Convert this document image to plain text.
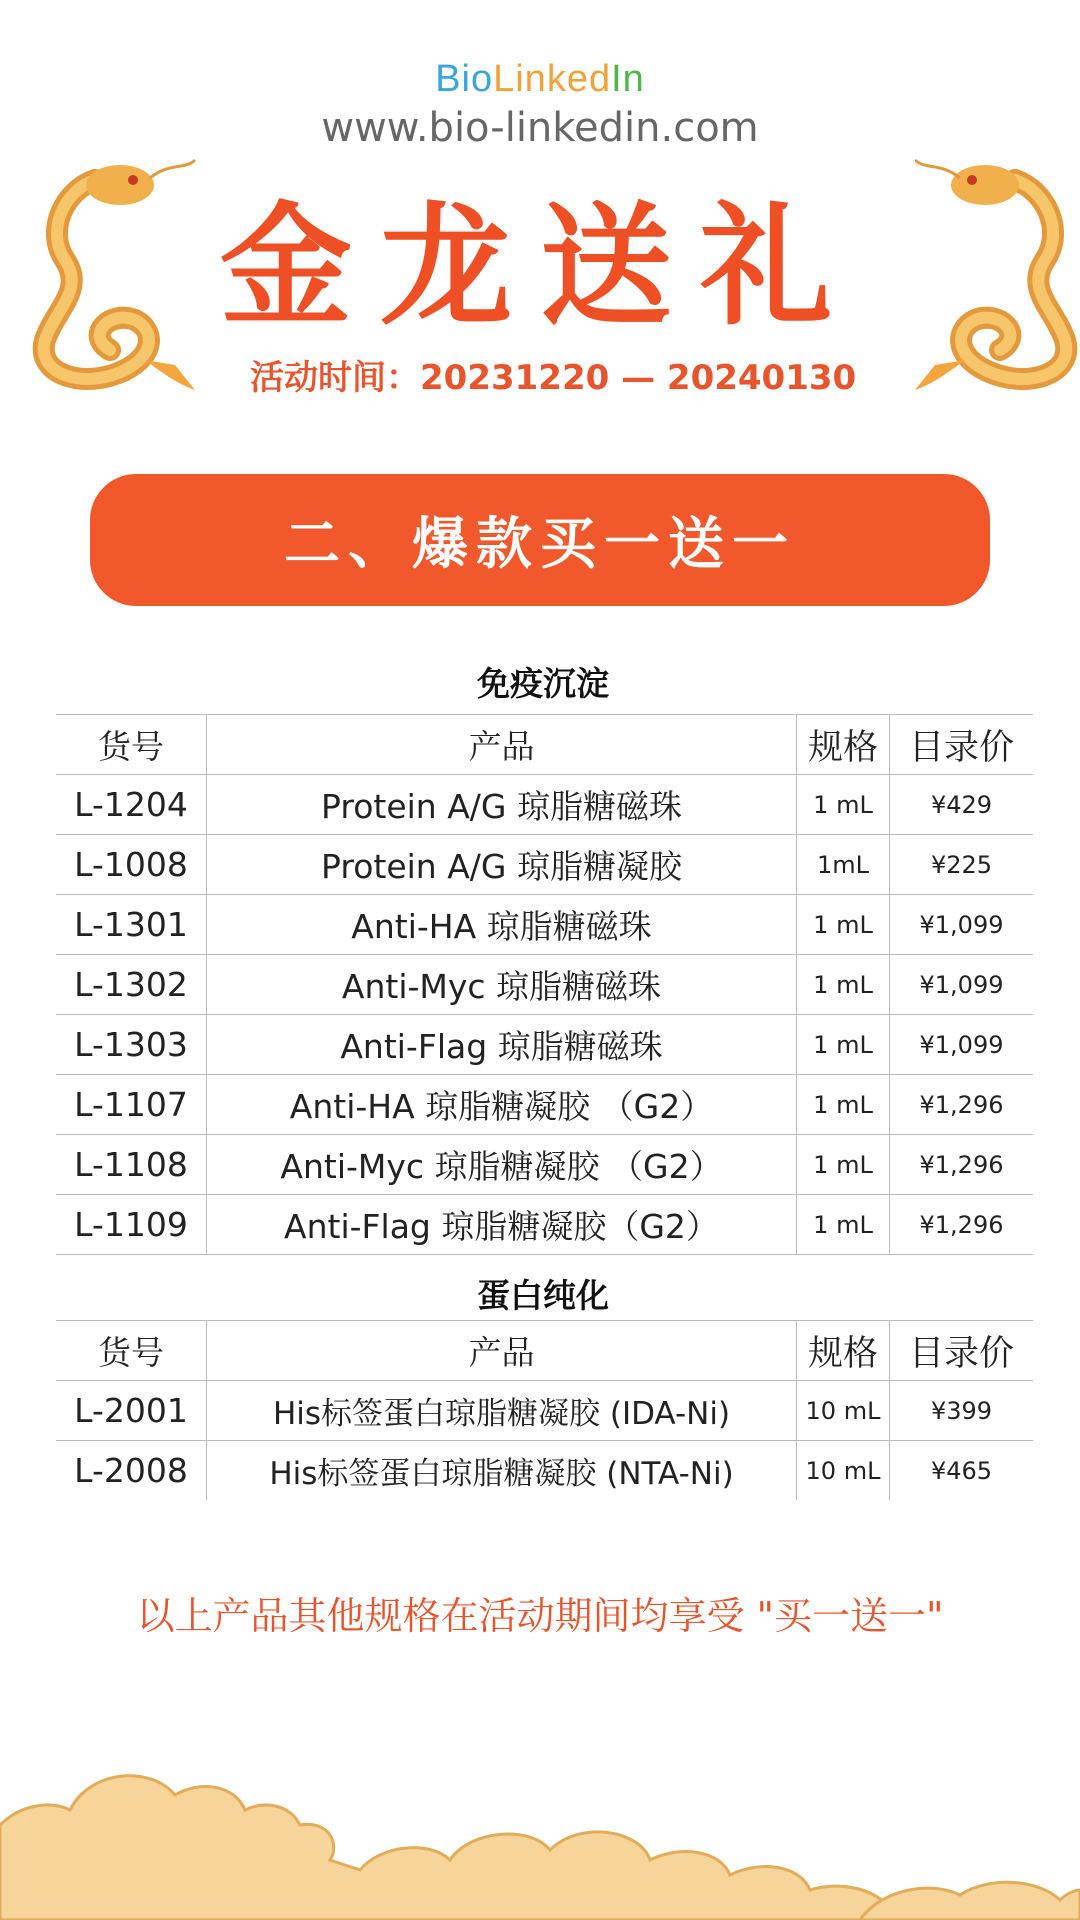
BioLinkedIn
www.bio-linkedin.com
金龙送礼
活动时间：20231220 — 20240130
二、爆款买一送一
免疫沉淀
货号	产品	规格	目录价
L-1204	Protein A/G 琼脂糖磁珠	1 mL	¥429
L-1008	Protein A/G 琼脂糖凝胶	1mL	¥225
L-1301	Anti-HA 琼脂糖磁珠	1 mL	¥1,099
L-1302	Anti-Myc 琼脂糖磁珠	1 mL	¥1,099
L-1303	Anti-Flag 琼脂糖磁珠	1 mL	¥1,099
L-1107	Anti-HA 琼脂糖凝胶 （G2）	1 mL	¥1,296
L-1108	Anti-Myc 琼脂糖凝胶 （G2）	1 mL	¥1,296
L-1109	Anti-Flag 琼脂糖凝胶（G2）	1 mL	¥1,296
蛋白纯化
货号	产品	规格	目录价
L-2001	His标签蛋白琼脂糖凝胶 (IDA-Ni)	10 mL	¥399
L-2008	His标签蛋白琼脂糖凝胶 (NTA-Ni)	10 mL	¥465
以上产品其他规格在活动期间均享受 "买一送一"
